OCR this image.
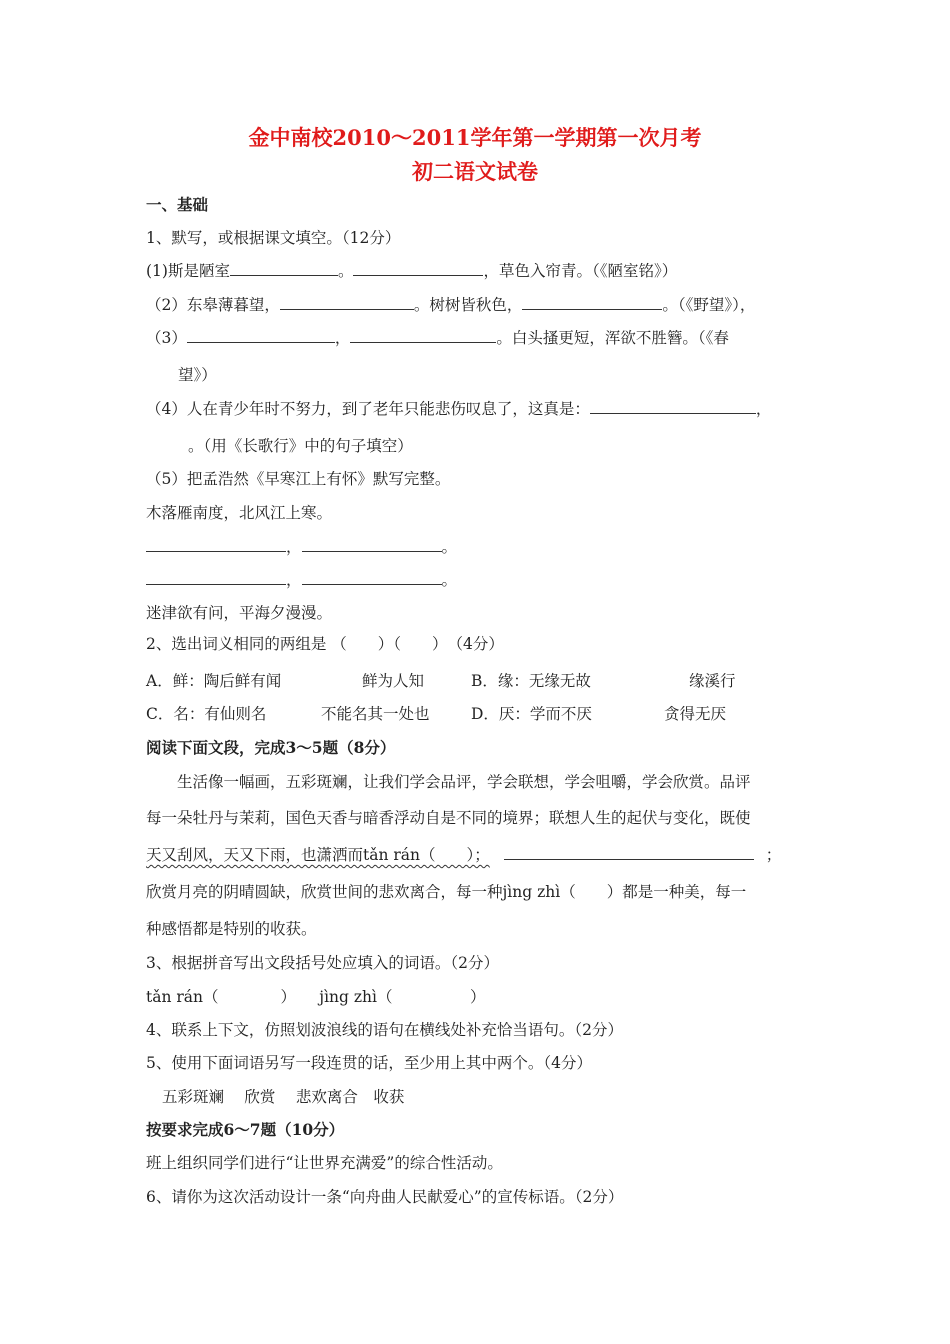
金中南校2010～2011学年第一学期第一次月考
初二语文试卷
一、基础
1、默写，或根据课文填空。（12分）
(1)斯是陋室	。	，草色入帘青。（《陋室铭》）
（2）东皋薄暮望，	。树树皆秋色，	。（《野望》），
（3）	，	。白头搔更短，浑欲不胜簪。（《春
望》）
（4）人在青少年时不努力，到了老年只能悲伤叹息了，这真是：	，
。（用《长歌行》中的句子填空）
（5）把孟浩然《早寒江上有怀》默写完整。
木落雁南度，北风江上寒。
，	。
，	。
迷津欲有问，平海夕漫漫。
2、选出词义相同的两组是 （　　）（　　）　（4分）
A．鲜：陶后鲜有闻	鲜为人知	B．缘：无缘无故	缘溪行
C．名：有仙则名	不能名其一处也	D．厌：学而不厌	贪得无厌
阅读下面文段，完成3～5题（8分）
　　生活像一幅画，五彩斑斓，让我们学会品评，学会联想，学会咀嚼，学会欣赏。品评
每一朵牡丹与茉莉，国色天香与暗香浮动自是不同的境界；联想人生的起伏与变化，既使
天又刮风，天又下雨，也潇洒而tǎn rán（　　）；	；
欣赏月亮的阴晴圆缺，欣赏世间的悲欢离合，每一种jìng zhì（　　）都是一种美，每一
种感悟都是特别的收获。
3、根据拼音写出文段括号处应填入的词语。（2分）
tǎn rán（　　　　）　　jìng zhì（　　　　　）
4、联系上下文，仿照划波浪线的语句在横线处补充恰当语句。（2分）
5、使用下面词语另写一段连贯的话，至少用上其中两个。（4分）
五彩斑斓　 欣赏　 悲欢离合　收获
按要求完成6～7题（10分）
班上组织同学们进行“让世界充满爱”的综合性活动。
6、请你为这次活动设计一条“向舟曲人民献爱心”的宣传标语。（2分）
